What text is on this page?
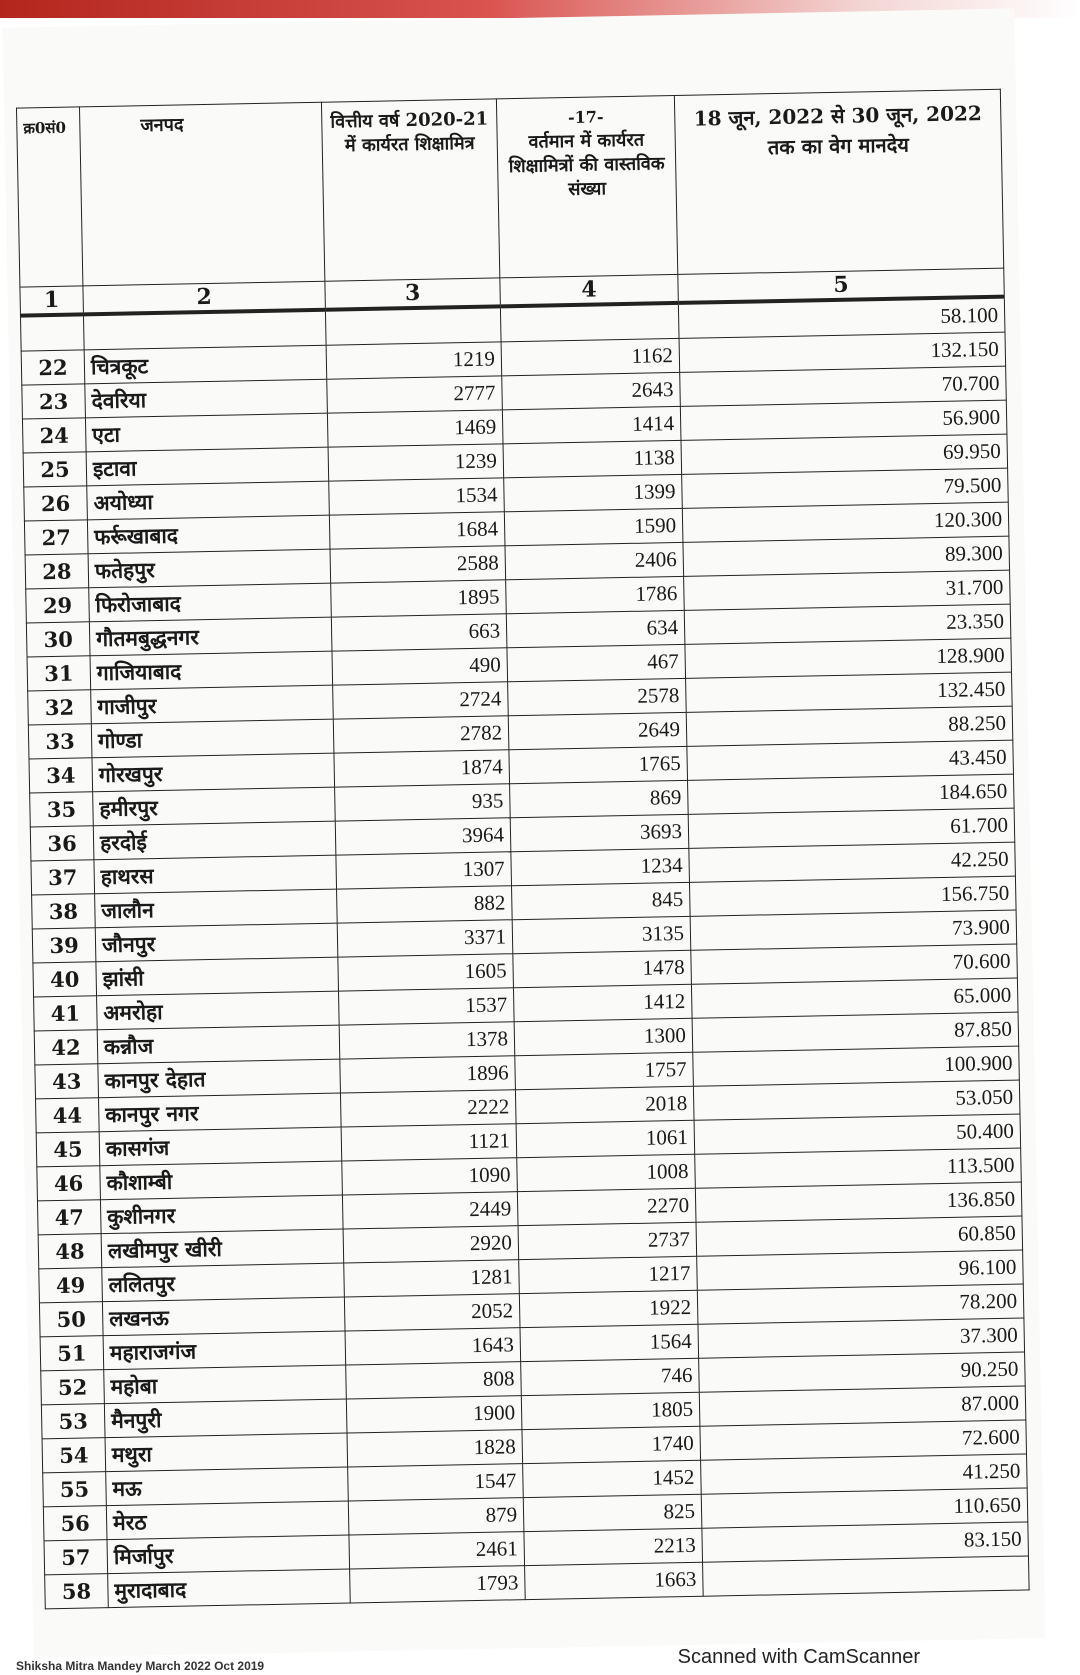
क्र0सं0	जनपद	वित्तीय वर्ष 2020-21 में कार्यरत शिक्षामित्र	-17-
वर्तमान में कार्यरत शिक्षामित्रों की वास्तविक संख्या	18 जून, 2022 से 30 जून, 2022 तक का वेग मानदेय
1	2	3	4	5
				58.100
22	चित्रकूट	1219	1162	132.150
23	देवरिया	2777	2643	70.700
24	एटा	1469	1414	56.900
25	इटावा	1239	1138	69.950
26	अयोध्या	1534	1399	79.500
27	फर्रूखाबाद	1684	1590	120.300
28	फतेहपुर	2588	2406	89.300
29	फिरोजाबाद	1895	1786	31.700
30	गौतमबुद्धनगर	663	634	23.350
31	गाजियाबाद	490	467	128.900
32	गाजीपुर	2724	2578	132.450
33	गोण्डा	2782	2649	88.250
34	गोरखपुर	1874	1765	43.450
35	हमीरपुर	935	869	184.650
36	हरदोई	3964	3693	61.700
37	हाथरस	1307	1234	42.250
38	जालौन	882	845	156.750
39	जौनपुर	3371	3135	73.900
40	झांसी	1605	1478	70.600
41	अमरोहा	1537	1412	65.000
42	कन्नौज	1378	1300	87.850
43	कानपुर देहात	1896	1757	100.900
44	कानपुर नगर	2222	2018	53.050
45	कासगंज	1121	1061	50.400
46	कौशाम्बी	1090	1008	113.500
47	कुशीनगर	2449	2270	136.850
48	लखीमपुर खीरी	2920	2737	60.850
49	ललितपुर	1281	1217	96.100
50	लखनऊ	2052	1922	78.200
51	महाराजगंज	1643	1564	37.300
52	महोबा	808	746	90.250
53	मैनपुरी	1900	1805	87.000
54	मथुरा	1828	1740	72.600
55	मऊ	1547	1452	41.250
56	मेरठ	879	825	110.650
57	मिर्जापुर	2461	2213	83.150
58	मुरादाबाद	1793	1663	
Shiksha Mitra Mandey March 2022 Oct 2019	Scanned with CamScanner
